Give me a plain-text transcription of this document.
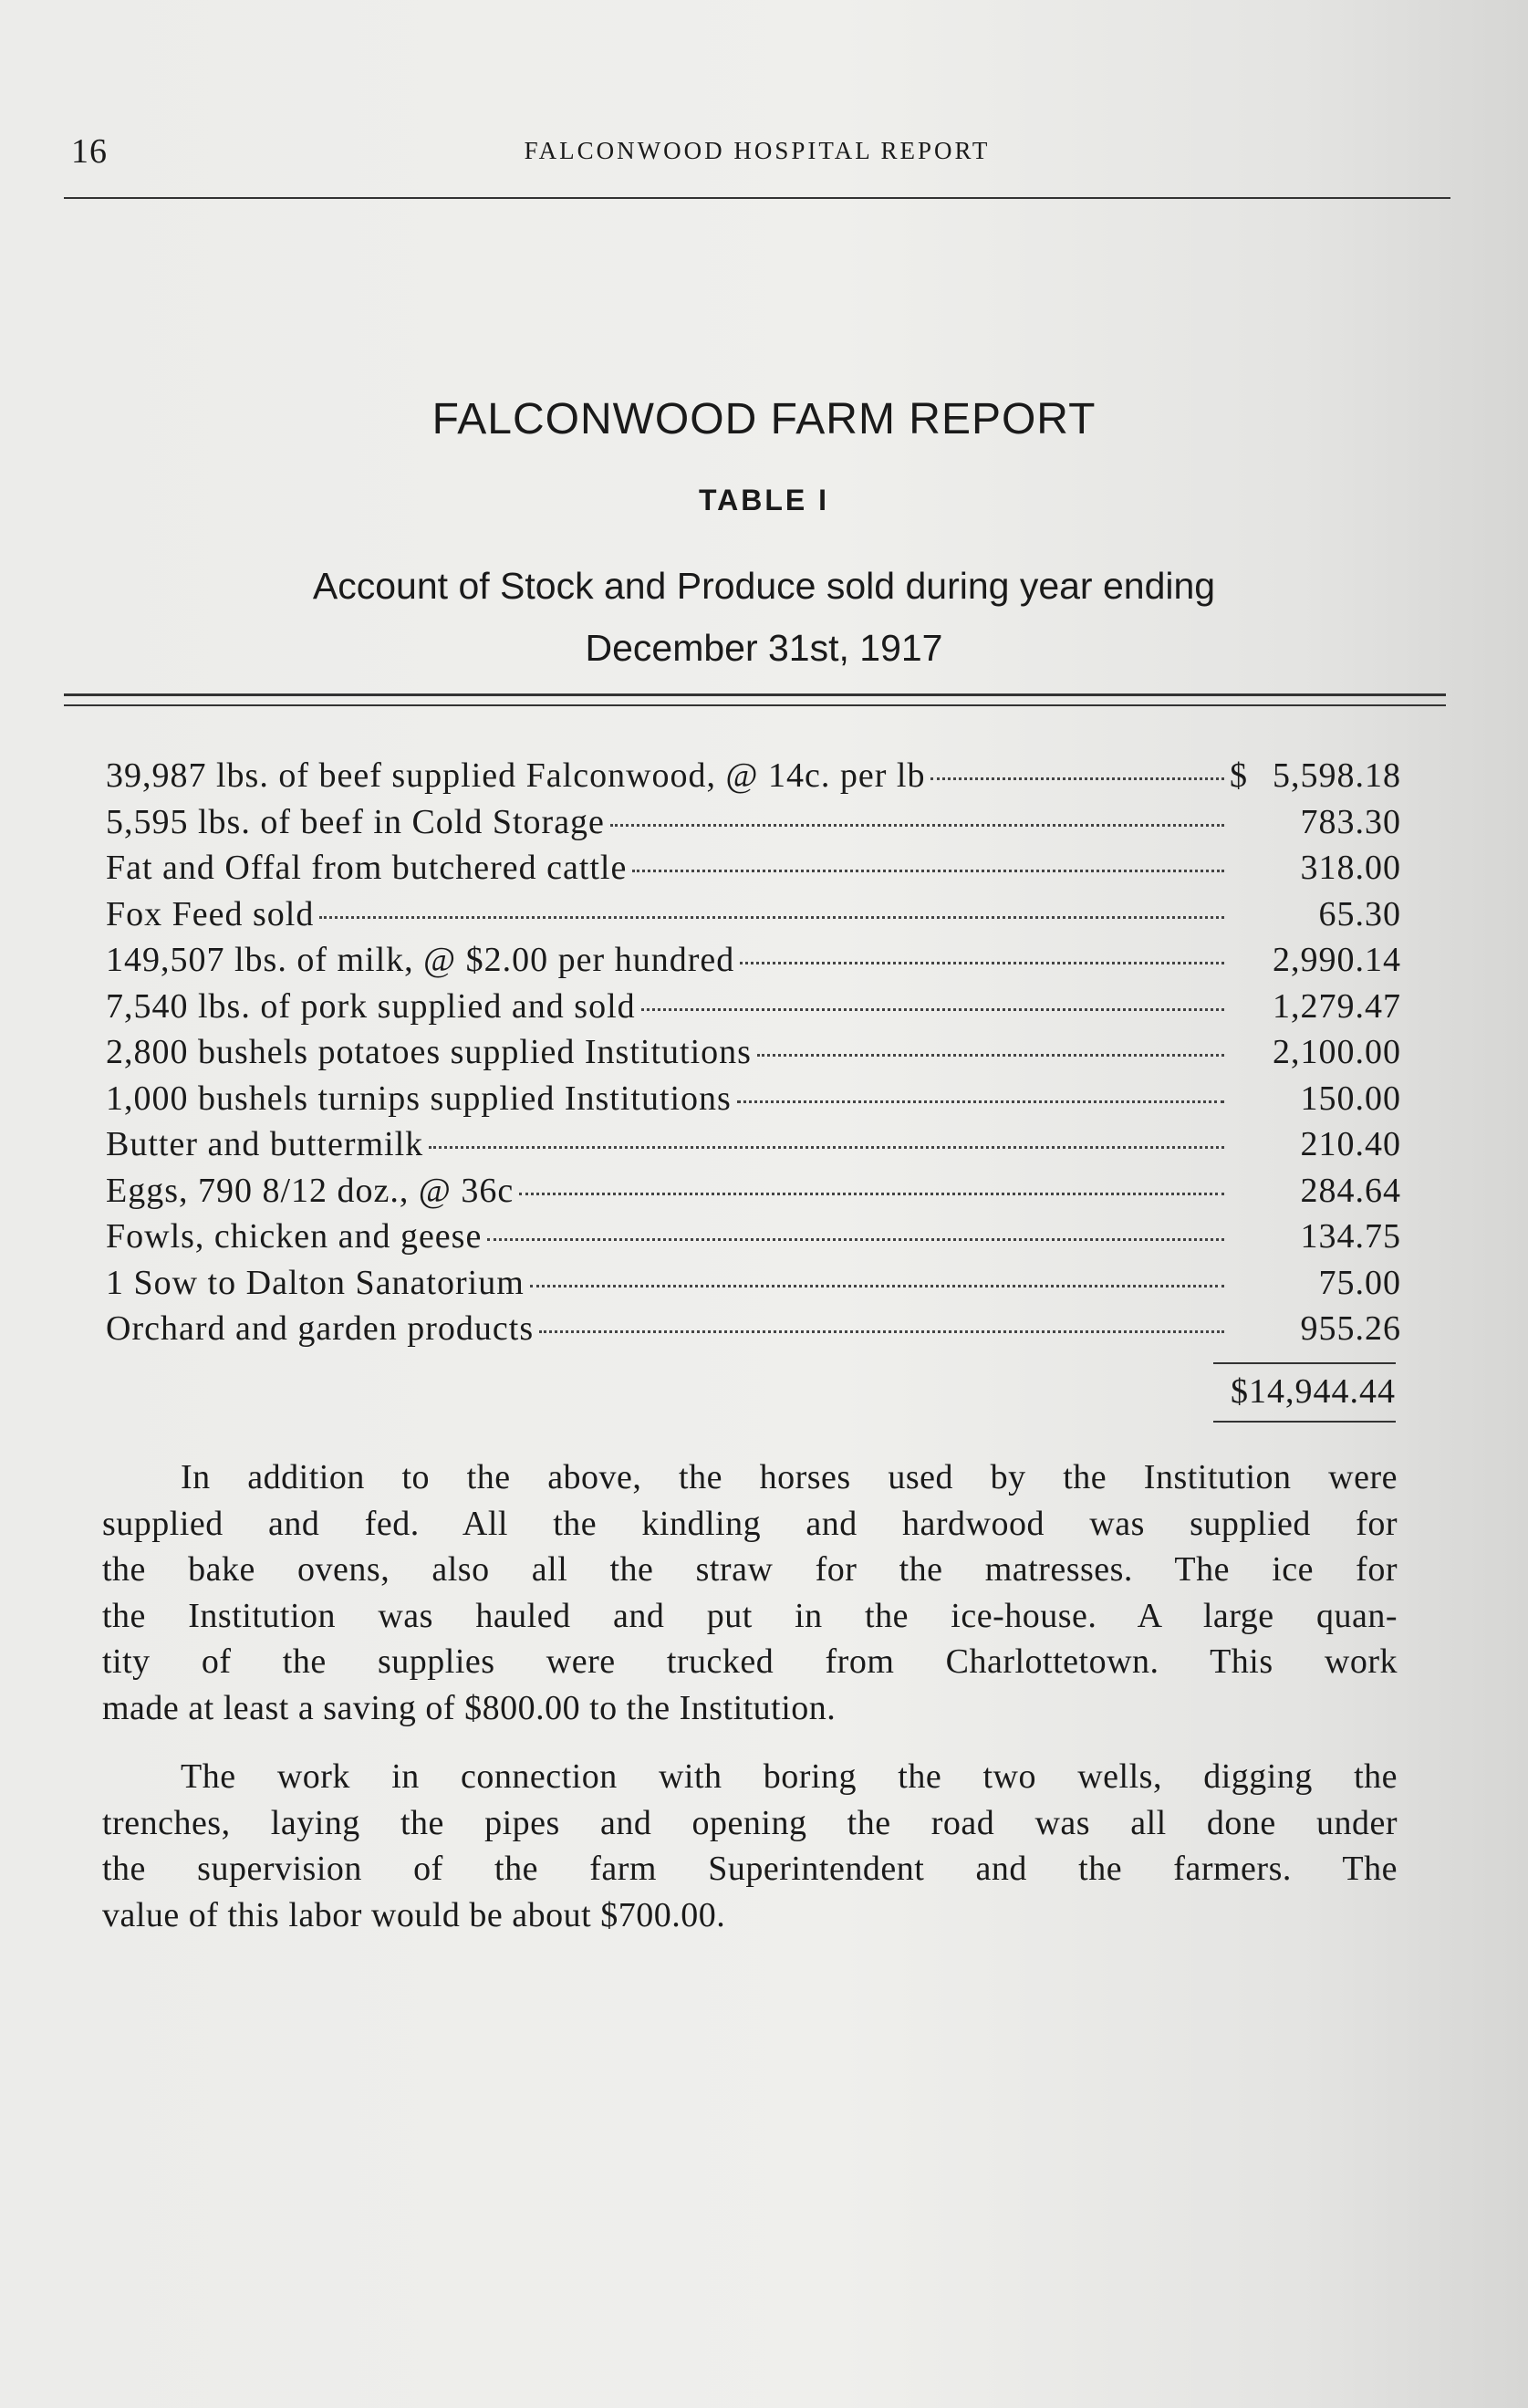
16	FALCONWOOD HOSPITAL REPORT
FALCONWOOD FARM REPORT
TABLE I
Account of Stock and Produce sold during year ending
December 31st, 1917
39,987 lbs. of beef supplied Falconwood, @ 14c. per lb	$ 5,598.18
5,595 lbs. of beef in Cold Storage	783.30
Fat and Offal from butchered cattle	318.00
Fox Feed sold	65.30
149,507 lbs. of milk, @ $2.00 per hundred	2,990.14
7,540 lbs. of pork supplied and sold	1,279.47
2,800 bushels potatoes supplied Institutions	2,100.00
1,000 bushels turnips supplied Institutions	150.00
Butter and buttermilk	210.40
Eggs, 790 8/12 doz., @ 36c	284.64
Fowls, chicken and geese	134.75
1 Sow to Dalton Sanatorium	75.00
Orchard and garden products	955.26
$14,944.44
In addition to the above, the horses used by the Institution were
supplied and fed. All the kindling and hardwood was supplied for
the bake ovens, also all the straw for the matresses. The ice for
the Institution was hauled and put in the ice-house. A large quan-
tity of the supplies were trucked from Charlottetown. This work
made at least a saving of $800.00 to the Institution.
The work in connection with boring the two wells, digging the
trenches, laying the pipes and opening the road was all done under
the supervision of the farm Superintendent and the farmers. The
value of this labor would be about $700.00.
